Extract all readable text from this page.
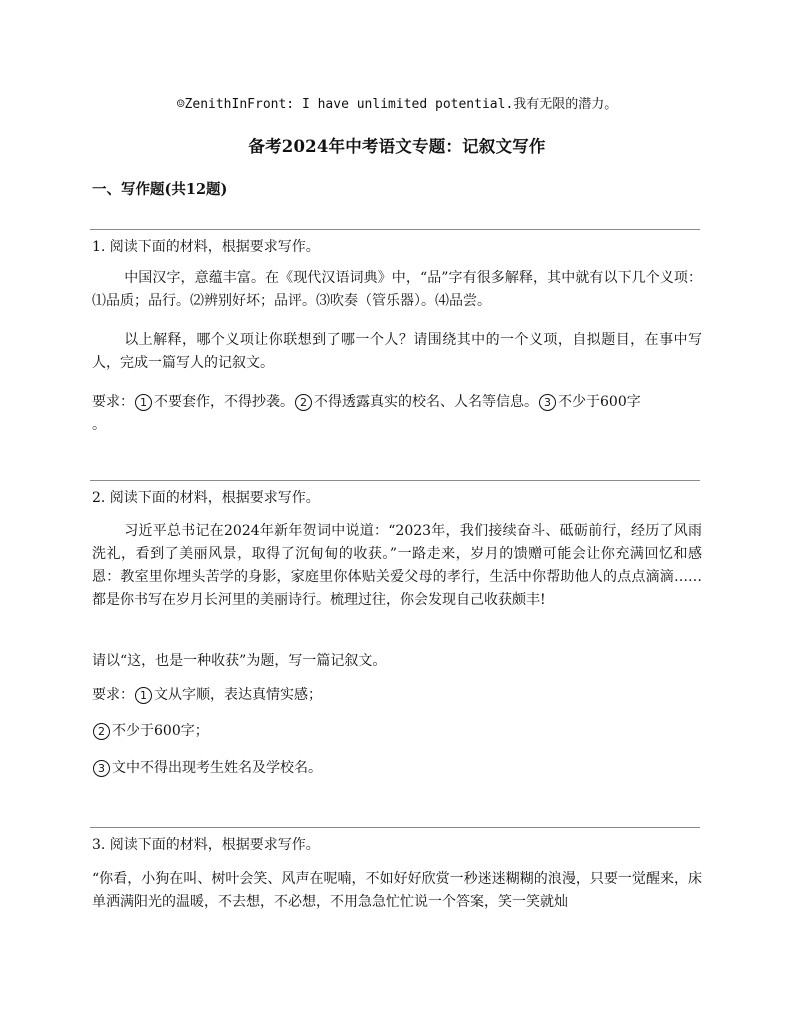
☺ZenithInFront: I have unlimited potential.我有无限的潜力。
备考2024年中考语文专题：记叙文写作
一、写作题(共12题)
1. 阅读下面的材料，根据要求写作。

中国汉字，意蕴丰富。在《现代汉语词典》中，“品”字有很多解释，其中就有以下几个义项：⑴品质；品行。⑵辨别好坏；品评。⑶吹奏（管乐器）。⑷品尝。

以上解释，哪个义项让你联想到了哪一个人？请围绕其中的一个义项，自拟题目，在事中写人，完成一篇写人的记叙文。

要求： 1 不要套作，不得抄袭。 2 不得透露真实的校名、人名等信息。 3 不少于600字
。

2. 阅读下面的材料，根据要求写作。

习近平总书记在2024年新年贺词中说道：“2023年，我们接续奋斗、砥砺前行，经历了风雨洗礼，看到了美丽风景，取得了沉甸甸的收获。”一路走来，岁月的馈赠可能会让你充满回忆和感恩：教室里你埋头苦学的身影，家庭里你体贴关爱父母的孝行，生活中你帮助他人的点点滴滴……都是你书写在岁月长河里的美丽诗行。梳理过往，你会发现自己收获颇丰!

请以“这，也是一种收获”为题，写一篇记叙文。

要求： 1 文从字顺，表达真情实感；

2 不少于600字；

3 文中不得出现考生姓名及学校名。

3. 阅读下面的材料，根据要求写作。

“你看，小狗在叫、树叶会笑、风声在呢喃，不如好好欣赏一秒迷迷糊糊的浪漫，只要一觉醒来，床单洒满阳光的温暖，不去想，不必想，不用急急忙忙说一个答案，笑一笑就灿
